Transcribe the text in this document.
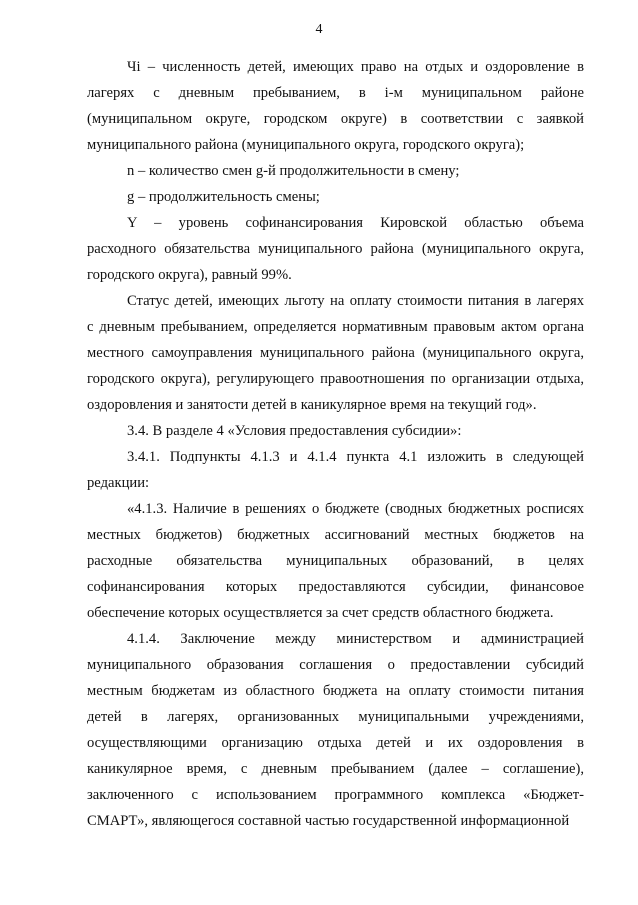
4
Чi – численность детей, имеющих право на отдых и оздоровление в
лагерях с дневным пребыванием, в i-м муниципальном районе
(муниципальном округе, городском округе) в соответствии с заявкой
муниципального района (муниципального округа, городского округа);
n – количество смен g-й продолжительности в смену;
g – продолжительность смены;
Y – уровень софинансирования Кировской областью объема
расходного обязательства муниципального района (муниципального округа,
городского округа), равный 99%.
Статус детей, имеющих льготу на оплату стоимости питания в лагерях
с дневным пребыванием, определяется нормативным правовым актом органа
местного самоуправления муниципального района (муниципального округа,
городского округа), регулирующего правоотношения по организации отдыха,
оздоровления и занятости детей в каникулярное время на текущий год».
3.4. В разделе 4 «Условия предоставления субсидии»:
3.4.1. Подпункты 4.1.3 и 4.1.4 пункта 4.1 изложить в следующей
редакции:
«4.1.3. Наличие в решениях о бюджете (сводных бюджетных росписях
местных бюджетов) бюджетных ассигнований местных бюджетов на
расходные обязательства муниципальных образований, в целях
софинансирования которых предоставляются субсидии, финансовое
обеспечение которых осуществляется за счет средств областного бюджета.
4.1.4. Заключение между министерством и администрацией
муниципального образования соглашения о предоставлении субсидий
местным бюджетам из областного бюджета на оплату стоимости питания
детей в лагерях, организованных муниципальными учреждениями,
осуществляющими организацию отдыха детей и их оздоровления в
каникулярное время, с дневным пребыванием (далее – соглашение),
заключенного с использованием программного комплекса «Бюджет-
СМАРТ», являющегося составной частью государственной информационной
